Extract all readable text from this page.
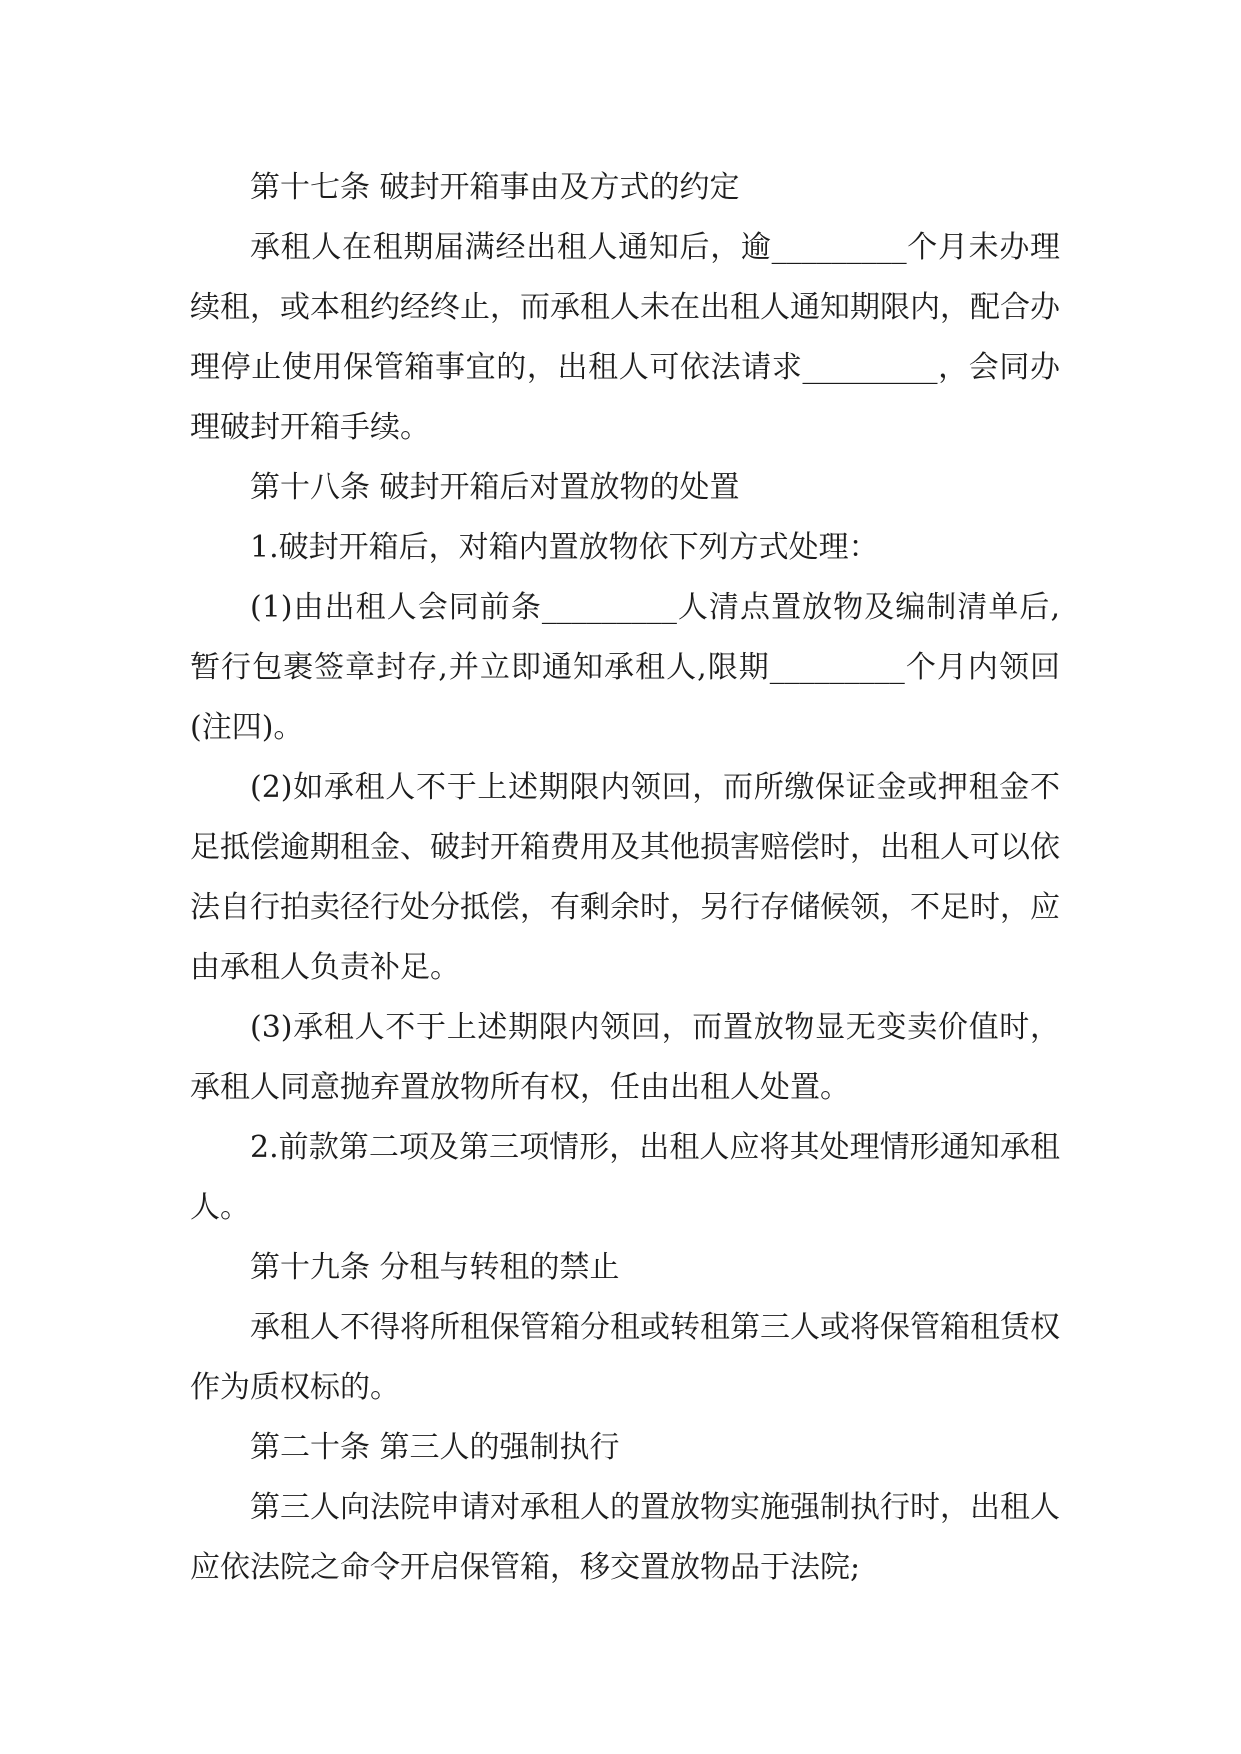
第十七条 破封开箱事由及方式的约定

承租人在租期届满经出租人通知后，逾_________个月未办理续租，或本租约经终止，而承租人未在出租人通知期限内，配合办理停止使用保管箱事宜的，出租人可依法请求_________，会同办理破封开箱手续。

第十八条 破封开箱后对置放物的处置

1.破封开箱后，对箱内置放物依下列方式处理：

(1)由出租人会同前条_________人清点置放物及编制清单后,暂行包裹签章封存,并立即通知承租人,限期_________个月内领回(注四)。

(2)如承租人不于上述期限内领回，而所缴保证金或押租金不足抵偿逾期租金、破封开箱费用及其他损害赔偿时，出租人可以依法自行拍卖径行处分抵偿，有剩余时，另行存储候领，不足时，应由承租人负责补足。

(3)承租人不于上述期限内领回，而置放物显无变卖价值时，承租人同意抛弃置放物所有权，任由出租人处置。

2.前款第二项及第三项情形，出租人应将其处理情形通知承租人。

第十九条 分租与转租的禁止

承租人不得将所租保管箱分租或转租第三人或将保管箱租赁权作为质权标的。

第二十条 第三人的强制执行

第三人向法院申请对承租人的置放物实施强制执行时，出租人应依法院之命令开启保管箱，移交置放物品于法院;
